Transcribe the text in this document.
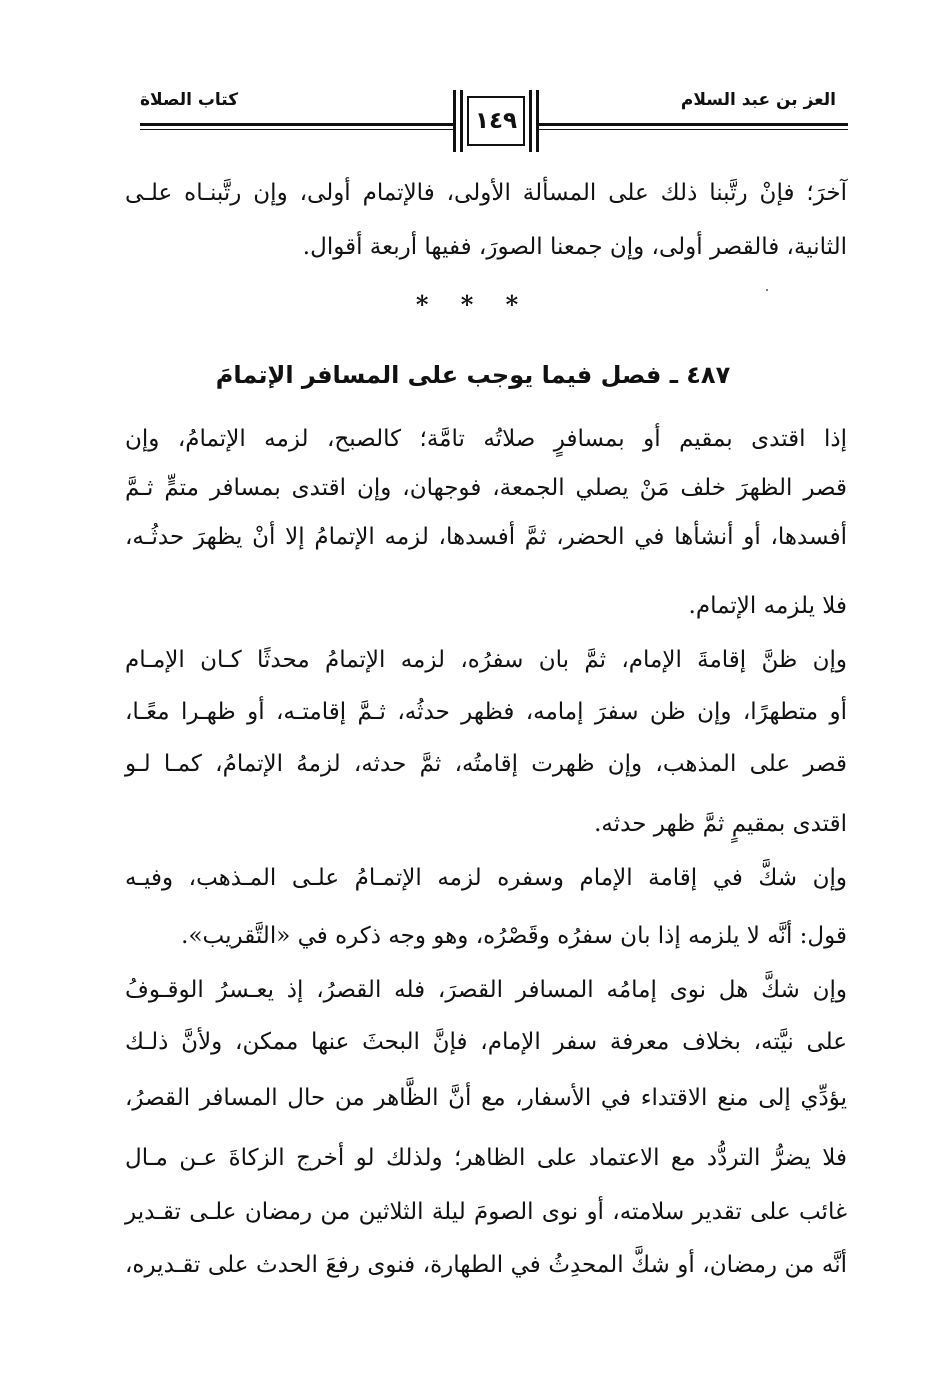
العز بن عبد السلام
كتاب الصلاة
١٤٩
آخرَ؛ فإنْ رتَّبنا ذلك على المسألة الأولى، فالإتمام أولى، وإن رتَّبنـاه علـى
الثانية، فالقصر أولى، وإن جمعنا الصورَ، ففيها أربعة أقوال.
* * *
٤٨٧ ـ فصل فيما يوجب على المسافر الإتمامَ
إذا اقتدى بمقيم أو بمسافرٍ صلاتُه تامَّة؛ كالصبح، لزمه الإتمامُ، وإن
قصر الظهرَ خلف مَنْ يصلي الجمعة، فوجهان، وإن اقتدى بمسافر متمٍّ ثـمَّ
أفسدها، أو أنشأها في الحضر، ثمَّ أفسدها، لزمه الإتمامُ إلا أنْ يظهرَ حدثُـه،
فلا يلزمه الإتمام.
وإن ظنَّ إقامةَ الإمام، ثمَّ بان سفرُه، لزمه الإتمامُ محدثًا كـان الإمـام
أو متطهرًا، وإن ظن سفرَ إمامه، فظهر حدثُه، ثـمَّ إقامتـه، أو ظهـرا معًـا،
قصر على المذهب، وإن ظهرت إقامتُه، ثمَّ حدثه، لزمهُ الإتمامُ، كمـا لـو
اقتدى بمقيمٍ ثمَّ ظهر حدثه.
وإن شكَّ في إقامة الإمام وسفره لزمه الإتمـامُ علـى المـذهب، وفيـه
قول: أنَّه لا يلزمه إذا بان سفرُه وقَصْرُه، وهو وجه ذكره في «التَّقريب».
وإن شكَّ هل نوى إمامُه المسافر القصرَ، فله القصرُ، إذ يعـسرُ الوقـوفُ
على نيَّته، بخلاف معرفة سفر الإمام، فإنَّ البحثَ عنها ممكن، ولأنَّ ذلـك
يؤدِّي إلى منع الاقتداء في الأسفار، مع أنَّ الظَّاهر من حال المسافر القصرُ،
فلا يضرُّ التردُّد مع الاعتماد على الظاهر؛ ولذلك لو أخرج الزكاةَ عـن مـال
غائب على تقدير سلامته، أو نوى الصومَ ليلة الثلاثين من رمضان علـى تقـدير
أنَّه من رمضان، أو شكَّ المحدِثُ في الطهارة، فنوى رفعَ الحدث على تقـديره،
